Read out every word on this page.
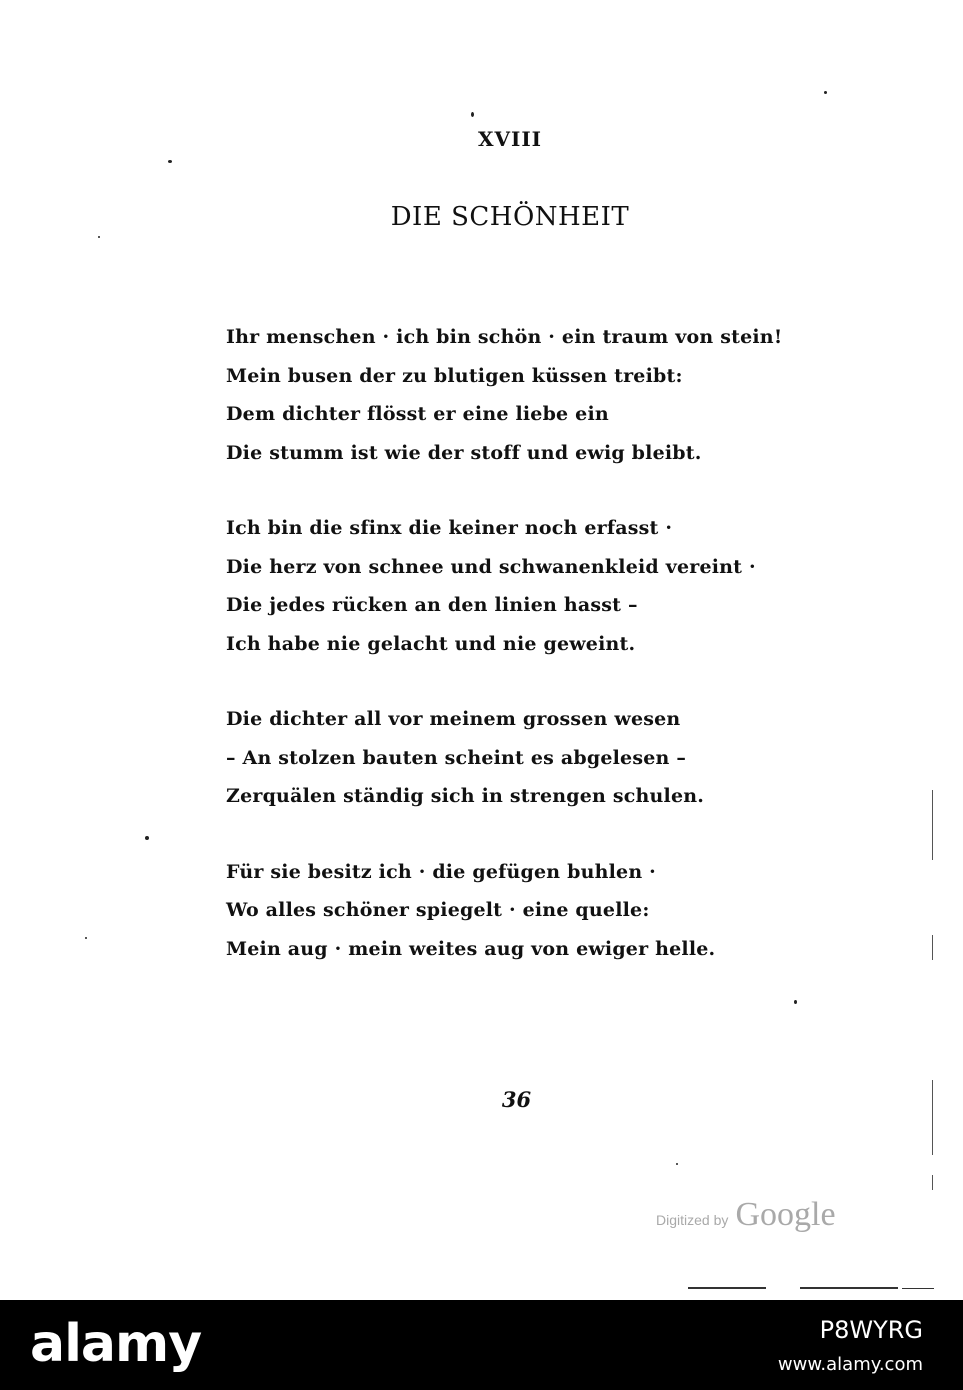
XVIII
DIE SCHÖNHEIT
Ihr menschen · ich bin schön · ein traum von stein!
Mein busen der zu blutigen küssen treibt:
Dem dichter flösst er eine liebe ein
Die stumm ist wie der stoff und ewig bleibt.
Ich bin die sfinx die keiner noch erfasst ·
Die herz von schnee und schwanenkleid vereint ·
Die jedes rücken an den linien hasst –
Ich habe nie gelacht und nie geweint.
Die dichter all vor meinem grossen wesen
– An stolzen bauten scheint es abgelesen –
Zerquälen ständig sich in strengen schulen.
Für sie besitz ich · die gefügen buhlen ·
Wo alles schöner spiegelt · eine quelle:
Mein aug · mein weites aug von ewiger helle.
36
Digitized by Google
alamy	P8WYRG
www.alamy.com
